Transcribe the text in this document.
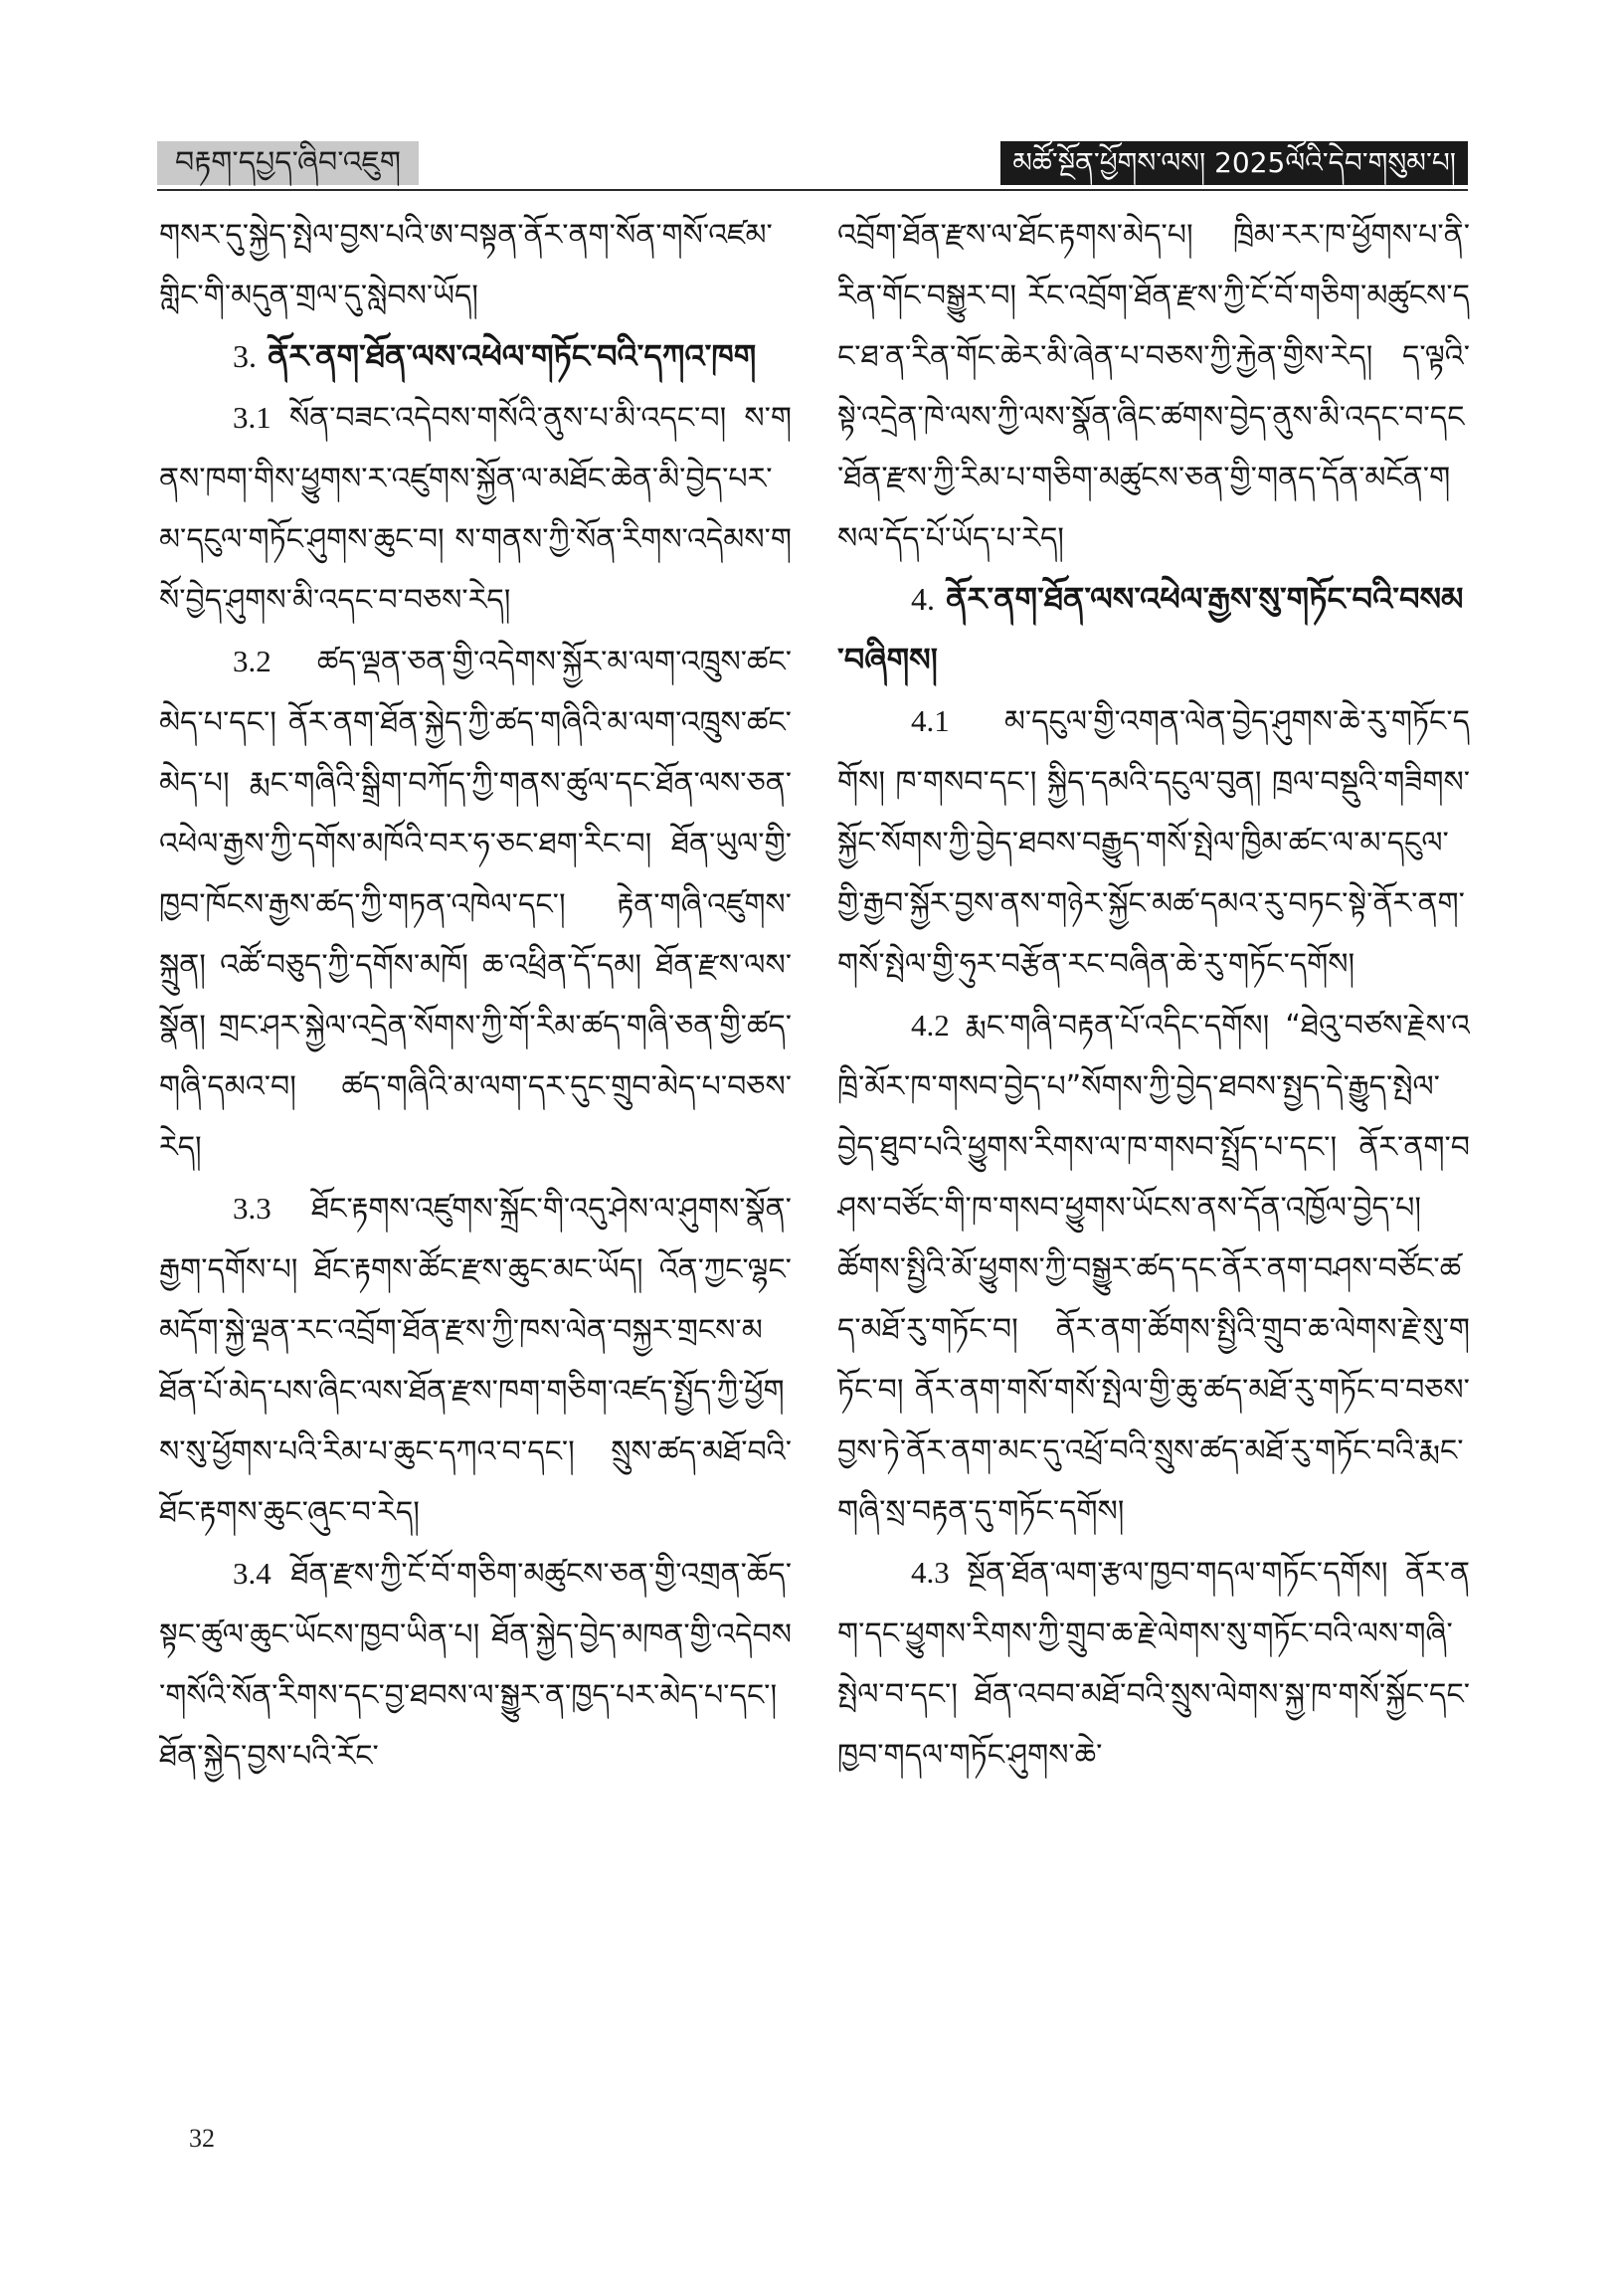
བརྟག་དཔྱད་ཞིབ་འཇུག	མཚོ་སྔོན་ཕྱོགས་ལས། 2025ལོའི་དེབ་གསུམ་པ།

གསར་དུ་སྐྱེད་སྤེལ་བྱས་པའི་ཨ་བསྟན་ནོར་ནག་སོན་གསོ་འཛམ་གླིང་གི་མདུན་གྲལ་དུ་སླེབས་ཡོད།

3. ནོར་ནག་ཐོན་ལས་འཕེལ་གཏོང་བའི་དཀའ་ཁག

3.1 སོན་བཟང་འདེབས་གསོའི་ནུས་པ་མི་འདང་བ། ས་གནས་ཁག་གིས་ཕྱུགས་ར་འཛུགས་སྐྱོན་ལ་མཐོང་ཆེན་མི་བྱེད་པར་མ་དངུལ་གཏོང་ཤུགས་ཆུང་བ། ས་གནས་ཀྱི་སོན་རིགས་འདེམས་གསོ་བྱེད་ཤུགས་མི་འདང་བ་བཅས་རེད།

3.2 ཚད་ལྡན་ཅན་གྱི་འདེགས་སྐྱོར་མ་ལག་འཁྲུས་ཚང་མེད་པ་དང་། ནོར་ནག་ཐོན་སྐྱེད་ཀྱི་ཚད་གཞིའི་མ་ལག་འཁྲུས་ཚང་མེད་པ། རྨང་གཞིའི་སྒྲིག་བཀོད་ཀྱི་གནས་ཚུལ་དང་ཐོན་ལས་ཅན་འཕེལ་རྒྱས་ཀྱི་དགོས་མཁོའི་བར་ཧ་ཅང་ཐག་རིང་བ། ཐོན་ཡུལ་གྱི་ཁྱབ་ཁོངས་རྒྱས་ཚད་ཀྱི་གཏན་འཁེལ་དང་། རྟེན་གཞི་འཛུགས་སྐྲུན། འཚོ་བཅུད་ཀྱི་དགོས་མཁོ། ཆ་འཕྲིན་དོ་དམ། ཐོན་རྫས་ལས་སྣོན། གྲང་ཤར་སྐྱེལ་འདྲེན་སོགས་ཀྱི་གོ་རིམ་ཚད་གཞི་ཅན་གྱི་ཚད་གཞི་དམའ་བ། ཚད་གཞིའི་མ་ལག་དར་དུང་གྲུབ་མེད་པ་བཅས་རེད།

3.3 ཐོང་རྟགས་འཛུགས་སྐྲོང་གི་འདུ་ཤེས་ལ་ཤུགས་སྣོན་རྒྱག་དགོས་པ། ཐོང་རྟགས་ཚོང་རྫས་ཆུང་མང་ཡོད། འོན་ཀྱང་ལྷང་མདོག་སྐྱེ་ལྡན་རང་འབྲོག་ཐོན་རྫས་ཀྱི་ཁས་ལེན་བསྐྱར་གྲངས་མཐོན་པོ་མེད་པས་ཞིང་ལས་ཐོན་རྫས་ཁག་གཅིག་འཛད་སྤྱོད་ཀྱི་ཕྱོགས་སུ་ཕྱོགས་པའི་རིམ་པ་ཆུང་དཀའ་བ་དང་། སྲུས་ཚད་མཐོ་བའི་ཐོང་རྟགས་ཆུང་ཞུང་བ་རེད།

3.4 ཐོན་རྫས་ཀྱི་ངོ་བོ་གཅིག་མཚུངས་ཅན་གྱི་འགྲན་ཆོད་སྟང་ཚུལ་ཆུང་ཡོངས་ཁྱབ་ཡིན་པ། ཐོན་སྐྱེད་བྱེད་མཁན་གྱི་འདེབས་གསོའི་སོན་རིགས་དང་བྱ་ཐབས་ལ་སྒྱུར་ན་ཁྱད་པར་མེད་པ་དང་། ཐོན་སྐྱེད་བྱས་པའི་རོང་

འབྲོག་ཐོན་རྫས་ལ་ཐོང་རྟགས་མེད་པ། ཁྲིམ་རར་ཁ་ཕྱོགས་པ་ནི་རིན་གོང་བསྒྱུར་བ། རོང་འབྲོག་ཐོན་རྫས་ཀྱི་ངོ་བོ་གཅིག་མཚུངས་དང་ཐ་ན་རིན་གོང་ཆེར་མི་ཞེན་པ་བཅས་ཀྱི་རྐྱེན་གྱིས་རེད། ད་ལྟའི་སྟེ་འདྲེན་ཁེ་ལས་ཀྱི་ལས་སྣོན་ཞིང་ཚགས་བྱེད་ནུས་མི་འདང་བ་དང་ཐོན་རྫས་ཀྱི་རིམ་པ་གཅིག་མཚུངས་ཅན་གྱི་གནད་དོན་མངོན་གསལ་དོད་པོ་ཡོད་པ་རེད།

4. ནོར་ནག་ཐོན་ལས་འཕེལ་རྒྱས་སུ་གཏོང་བའི་བསམ་བཞིགས།

4.1 མ་དངུལ་གྱི་འགན་ལེན་བྱེད་ཤུགས་ཆེ་རུ་གཏོང་དགོས། ཁ་གསབ་དང་། སྐྱིད་དམའི་དངུལ་བུན། ཁྲལ་བསྡུའི་གཟིགས་སྐྱོང་སོགས་ཀྱི་བྱེད་ཐབས་བརྒྱུད་གསོ་སྤེལ་ཁྱིམ་ཚང་ལ་མ་དངུལ་གྱི་རྒྱབ་སྐྱོར་བྱས་ནས་གཉེར་སྐྱོང་མཚ་དམའ་རུ་བཏང་སྟེ་ནོར་ནག་གསོ་སྤེལ་གྱི་ཧུར་བརྩོན་རང་བཞིན་ཆེ་རུ་གཏོང་དགོས།

4.2 རྨང་གཞི་བརྟན་པོ་འདིང་དགོས། “ཐེའུ་བཙས་རྗེས་འཁྲི་མོར་ཁ་གསབ་བྱེད་པ”སོགས་ཀྱི་བྱེད་ཐབས་སྤྱད་དེ་རྒྱུད་སྤེལ་བྱེད་ཐུབ་པའི་ཕྱུགས་རིགས་ལ་ཁ་གསབ་སྤྲོད་པ་དང་། ནོར་ནག་བཤས་བཙོང་གི་ཁ་གསབ་ཕྱུགས་ཡོངས་ནས་དོན་འཁྱོལ་བྱེད་པ། ཚོགས་སྤྱིའི་མོ་ཕྱུགས་ཀྱི་བསྒྱུར་ཚད་དང་ནོར་ནག་བཤས་བཙོང་ཚད་མཐོ་རུ་གཏོང་བ། ནོར་ནག་ཚོགས་སྤྱིའི་གྲུབ་ཆ་ལེགས་རྗེ་སུ་གཏོང་བ། ནོར་ནག་གསོ་གསོ་སྤེལ་གྱི་ཆུ་ཚད་མཐོ་རུ་གཏོང་བ་བཅས་བྱས་ཏེ་ནོར་ནག་མང་དུ་འཕྲོ་བའི་སྲུས་ཚད་མཐོ་རུ་གཏོང་བའི་རྨང་གཞི་སྲ་བརྟན་དུ་གཏོང་དགོས།

4.3 སྔོན་ཐོན་ལག་རྩལ་ཁྱབ་གདལ་གཏོང་དགོས། ནོར་ནག་དང་ཕྱུགས་རིགས་ཀྱི་གྲུབ་ཆ་རྗེ་ལེགས་སུ་གཏོང་བའི་ལས་གཞི་སྤེལ་བ་དང་། ཐོན་འབབ་མཐོ་བའི་སྲུས་ལེགས་སྐྱ་ཁ་གསོ་སྐྱོང་དང་ཁྱབ་གདལ་གཏོང་ཤུགས་ཆེ་

32
